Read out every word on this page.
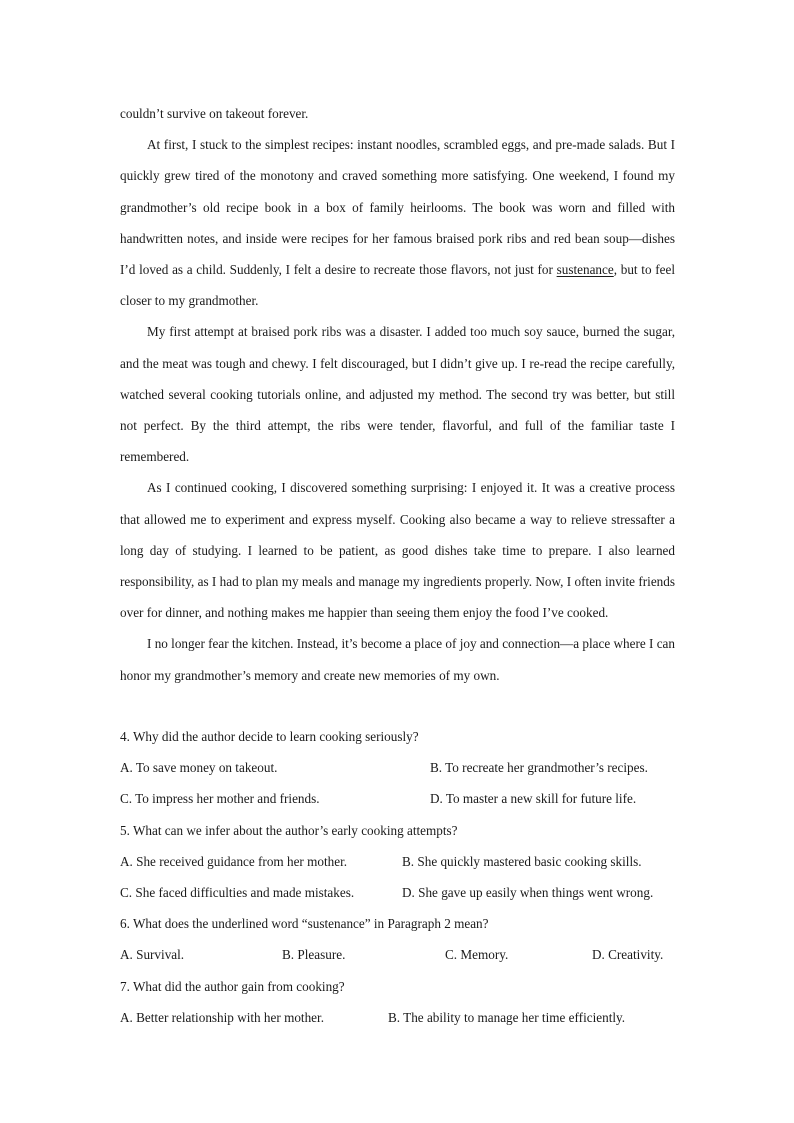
couldn’t survive on takeout forever.

At first, I stuck to the simplest recipes: instant noodles, scrambled eggs, and pre-made salads. But I quickly grew tired of the monotony and craved something more satisfying. One weekend, I found my grandmother’s old recipe book in a box of family heirlooms. The book was worn and filled with handwritten notes, and inside were recipes for her famous braised pork ribs and red bean soup—dishes I’d loved as a child. Suddenly, I felt a desire to recreate those flavors, not just for sustenance, but to feel closer to my grandmother.

My first attempt at braised pork ribs was a disaster. I added too much soy sauce, burned the sugar, and the meat was tough and chewy. I felt discouraged, but I didn’t give up. I re-read the recipe carefully, watched several cooking tutorials online, and adjusted my method. The second try was better, but still not perfect. By the third attempt, the ribs were tender, flavorful, and full of the familiar taste I remembered.

As I continued cooking, I discovered something surprising: I enjoyed it. It was a creative process that allowed me to experiment and express myself. Cooking also became a way to relieve stressafter a long day of studying. I learned to be patient, as good dishes take time to prepare. I also learned responsibility, as I had to plan my meals and manage my ingredients properly. Now, I often invite friends over for dinner, and nothing makes me happier than seeing them enjoy the food I’ve cooked.

I no longer fear the kitchen. Instead, it’s become a place of joy and connection—a place where I can honor my grandmother’s memory and create new memories of my own.

4. Why did the author decide to learn cooking seriously?

A. To save money on takeout.	B. To recreate her grandmother’s recipes.
C. To impress her mother and friends.	D. To master a new skill for future life.

5. What can we infer about the author’s early cooking attempts?

A. She received guidance from her mother.	B. She quickly mastered basic cooking skills.
C. She faced difficulties and made mistakes.	D. She gave up easily when things went wrong.

6. What does the underlined word “sustenance” in Paragraph 2 mean?

A. Survival.	B. Pleasure.	C. Memory.	D. Creativity.

7. What did the author gain from cooking?

A. Better relationship with her mother.	B. The ability to manage her time efficiently.
